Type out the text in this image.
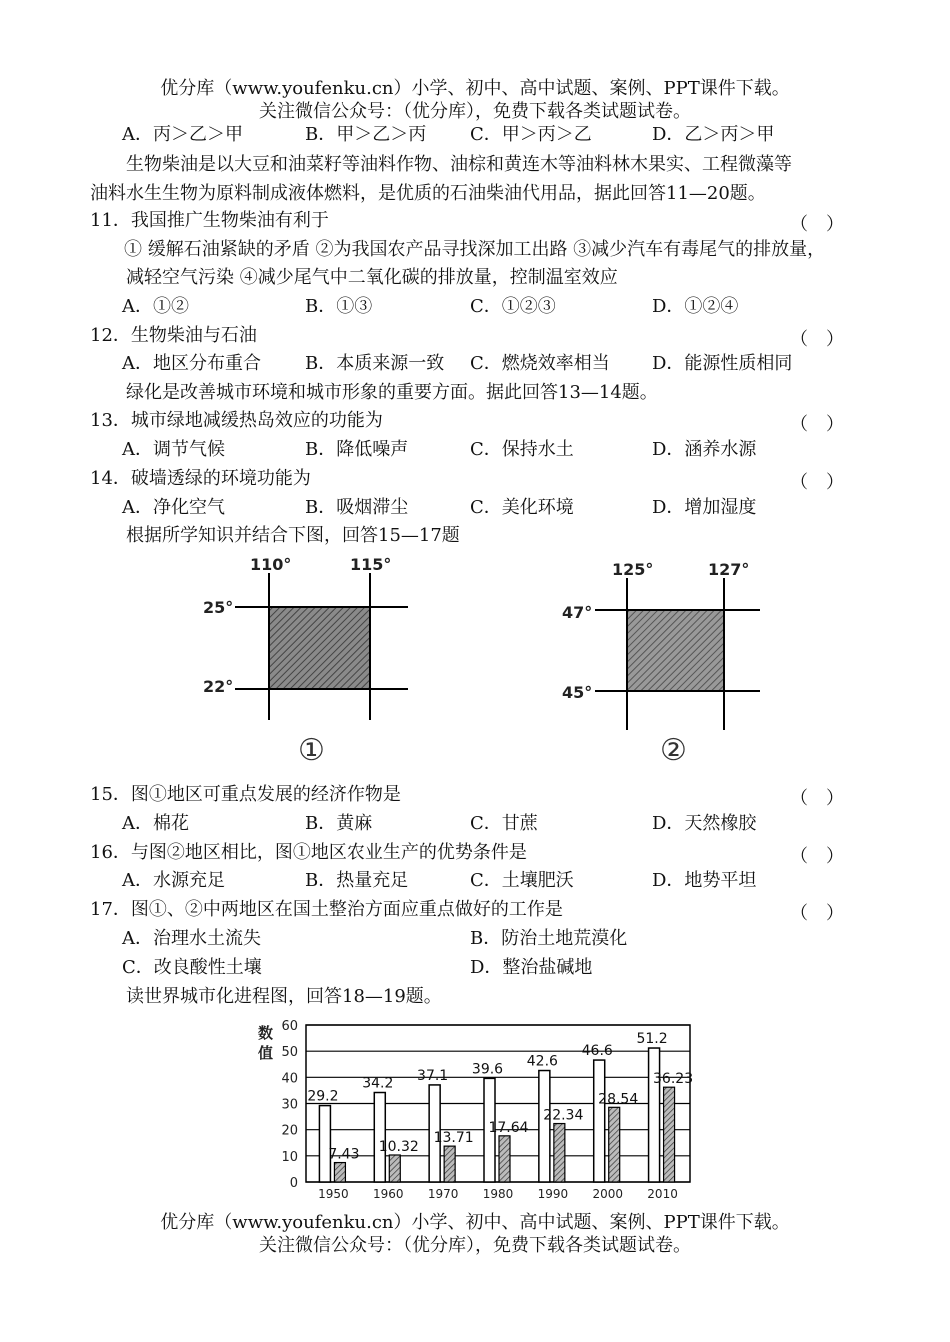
优分库（www.youfenku.cn）小学、初中、高中试题、案例、PPT课件下载。
关注微信公众号：（优分库），免费下载各类试题试卷。
A．丙＞乙＞甲	B．甲＞乙＞丙 C．甲＞丙＞乙	D．乙＞丙＞甲
生物柴油是以大豆和油菜籽等油料作物、油棕和黄连木等油料林木果实、工程微藻等
油料水生生物为原料制成液体燃料，是优质的石油柴油代用品，据此回答11—20题。
11．我国推广生物柴油有利于	（　）
① 缓解石油紧缺的矛盾 ②为我国农产品寻找深加工出路 ③减少汽车有毒尾气的排放量，
减轻空气污染 ④减少尾气中二氧化碳的排放量，控制温室效应
A．①②	B．①③	C．①②③	D．①②④
12．生物柴油与石油	（　）
A．地区分布重合 B．本质来源一致 C．燃烧效率相当 D．能源性质相同
绿化是改善城市环境和城市形象的重要方面。据此回答13—14题。
13．城市绿地减缓热岛效应的功能为	（　）
A．调节气候	B．降低噪声	C．保持水土	D．涵养水源
14．破墙透绿的环境功能为	（　）
A．净化空气	B．吸烟滞尘	C．美化环境	D．增加湿度
根据所学知识并结合下图，回答15—17题
110°	115°
25°
22°
①
125°	127°
47°
45°
②
15．图①地区可重点发展的经济作物是	（　）
A．棉花	B．黄麻	C．甘蔗	D．天然橡胶
16．与图②地区相比，图①地区农业生产的优势条件是	（　）
A．水源充足	B．热量充足	C．土壤肥沃	D．地势平坦
17．图①、②中两地区在国土整治方面应重点做好的工作是	（　）
A．治理水土流失	B．防治土地荒漠化
C．改良酸性土壤	D．整治盐碱地
读世界城市化进程图，回答18—19题。
0
10
20
30
40
50
60
29.2
7.43
1950
34.2
10.32
1960
37.1
13.71
1970
39.6
17.64
1980
42.6
22.34
1990
46.6
28.54
2000
51.2
36.23
2010
数
值
优分库（www.youfenku.cn）小学、初中、高中试题、案例、PPT课件下载。
关注微信公众号：（优分库），免费下载各类试题试卷。
